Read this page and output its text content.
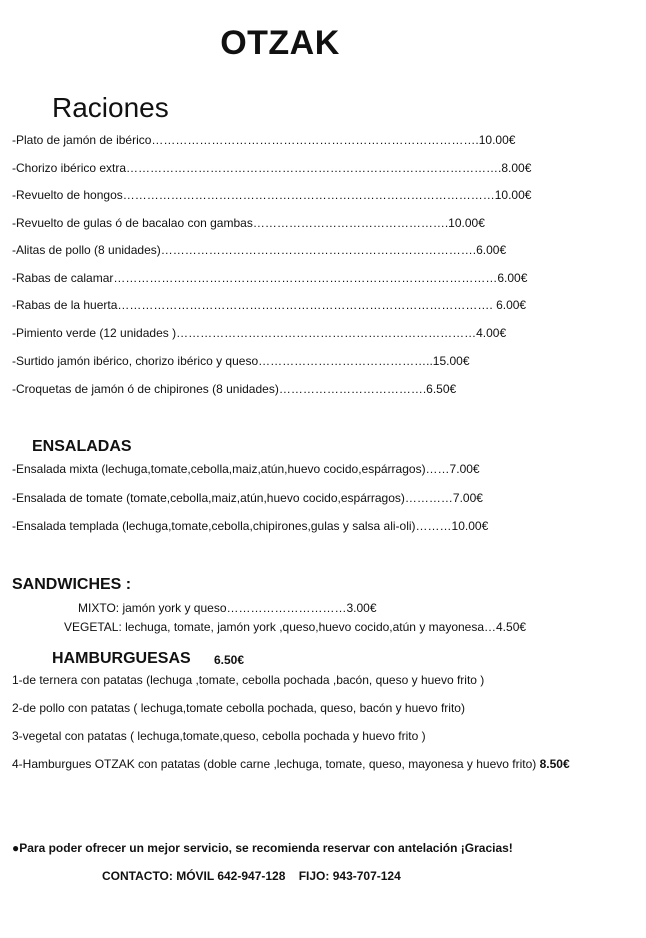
OTZAK
Raciones
-Plato de jamón de ibérico……………………………………………………………………….10.00€
-Chorizo ibérico extra………………………………………………………………………………….8.00€
-Revuelto de hongos…………………………………………………………………………………10.00€
-Revuelto de gulas ó de bacalao con gambas………………………………………….10.00€
-Alitas de pollo (8 unidades)…………………………………………………………………….6.00€
-Rabas de calamar……………………………………………………………………………………6.00€
-Rabas de la huerta…………………………………………………………………………………. 6.00€
-Pimiento verde (12 unidades )…………………………………………………………………4.00€
-Surtido jamón ibérico, chorizo ibérico y queso……………………………………..15.00€
-Croquetas de jamón ó de chipirones (8 unidades)……………………………….6.50€
ENSALADAS
-Ensalada mixta (lechuga,tomate,cebolla,maiz,atún,huevo cocido,espárragos)……7.00€
-Ensalada de tomate (tomate,cebolla,maiz,atún,huevo cocido,espárragos)…………7.00€
-Ensalada templada (lechuga,tomate,cebolla,chipirones,gulas y salsa ali-oli)………10.00€
SANDWICHES :
MIXTO: jamón york y queso…………………………3.00€
VEGETAL: lechuga, tomate, jamón york ,queso,huevo cocido,atún y mayonesa…4.50€
HAMBURGUESAS 6.50€
1-de ternera con patatas (lechuga ,tomate, cebolla pochada ,bacón, queso y huevo frito )
2-de pollo con patatas ( lechuga,tomate cebolla pochada, queso, bacón y huevo frito)
3-vegetal con patatas ( lechuga,tomate,queso, cebolla pochada y huevo frito )
4-Hamburgues OTZAK con patatas (doble carne ,lechuga, tomate, queso, mayonesa y huevo frito) 8.50€
●Para poder ofrecer un mejor servicio, se recomienda reservar con antelación ¡Gracias!
CONTACTO: MÓVIL 642-947-128    FIJO: 943-707-124
